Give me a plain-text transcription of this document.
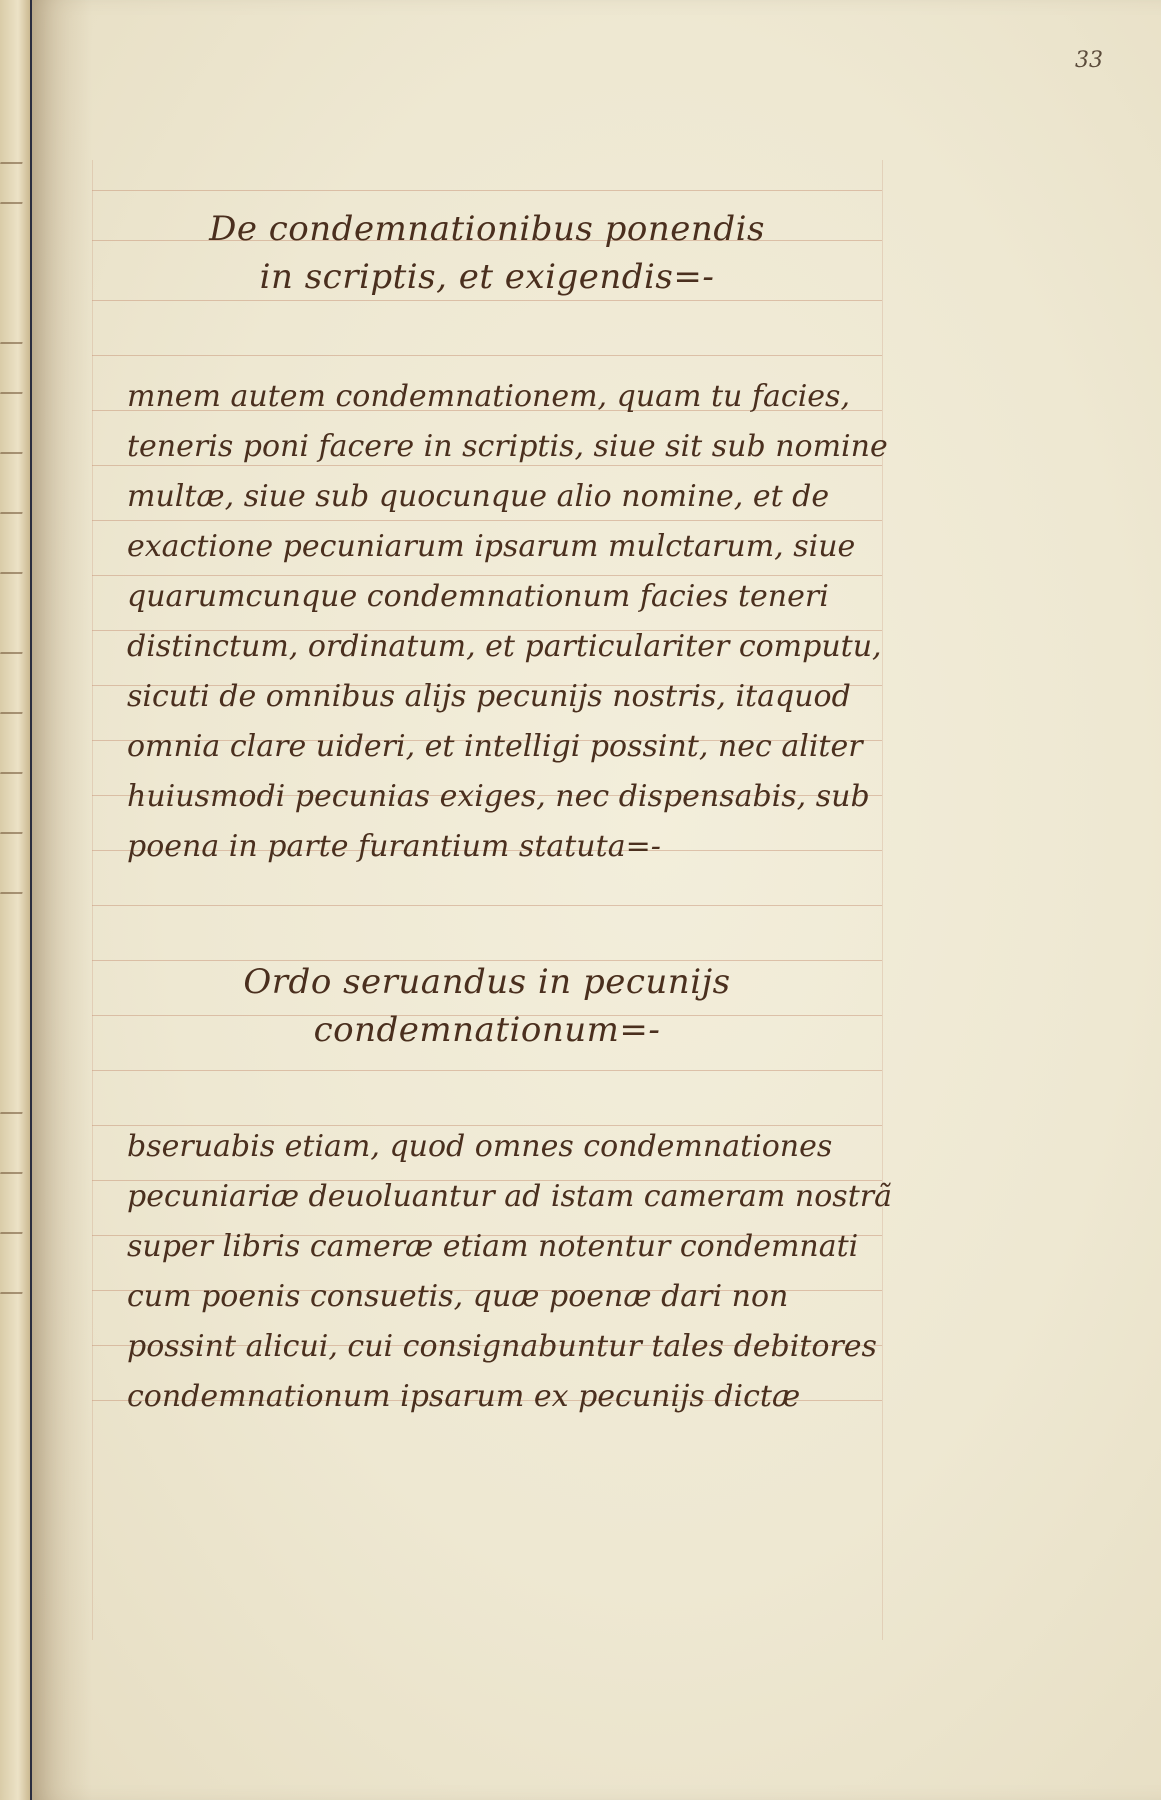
33
De condemnationibus ponendis
in scriptis, et exigendis=-
mnem autem condemnationem, quam tu facies,
teneris poni facere in scriptis, siue sit sub nomine
multæ, siue sub quocunque alio nomine, et de
exactione pecuniarum ipsarum mulctarum, siue
quarumcunque condemnationum facies teneri
distinctum, ordinatum, et particulariter computu,
sicuti de omnibus alijs pecunijs nostris, itaquod
omnia clare uideri, et intelligi possint, nec aliter
huiusmodi pecunias exiges, nec dispensabis, sub
poena in parte furantium statuta=-
Ordo seruandus in pecunijs
condemnationum=-
bseruabis etiam, quod omnes condemnationes
pecuniariæ deuoluantur ad istam cameram nostrã
super libris cameræ etiam notentur condemnati
cum poenis consuetis, quæ poenæ dari non
possint alicui, cui consignabuntur tales debitores
condemnationum ipsarum ex pecunijs dictæ
